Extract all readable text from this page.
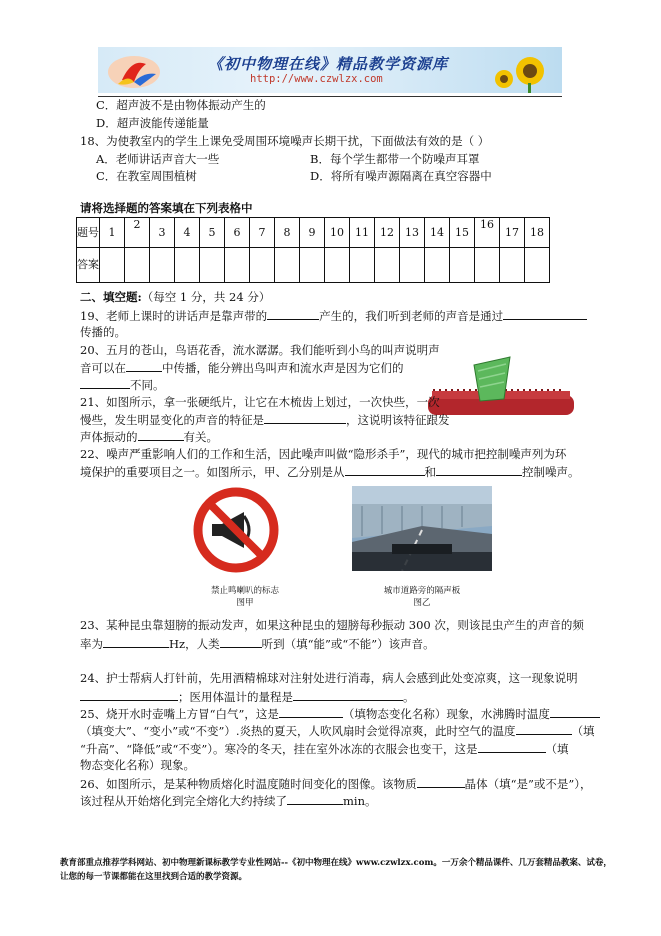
《初中物理在线》精品教学资源库
http://www.czwlzx.com
C．超声波不是由物体振动产生的
D．超声波能传递能量
18、为使教室内的学生上课免受周围环境噪声长期干扰，下面做法有效的是（ ）
A．老师讲话声音大一些	B．每个学生都带一个防噪声耳罩
C．在教室周围植树	D．将所有噪声源隔离在真空容器中
请将选择题的答案填在下列表格中
题号	1	2	3	4	5	6	7	8	9	10	11	12	13	14	15	16	17	18
答案																		
二、填空题:（每空 1 分，共 24 分）
19、老师上课时的讲话声是靠声带的	产生的，我们听到老师的声音是通过
传播的。
20、五月的苍山，鸟语花香，流水潺潺。我们能听到小鸟的叫声说明声
音可以在	中传播，能分辨出鸟叫声和流水声是因为它们的
不同。
21、如图所示，拿一张硬纸片，让它在木梳齿上划过，一次快些，一次
慢些，发生明显变化的声音的特征是	，这说明该特征跟发
声体振动的	有关。
22、噪声严重影响人们的工作和生活，因此噪声叫做“隐形杀手”，现代的城市把控制噪声列为环
境保护的重要项目之一。如图所示，甲、乙分别是从	和	控制噪声。
禁止鸣喇叭的标志
图甲
城市道路旁的隔声板
图乙
23、某种昆虫靠翅膀的振动发声，如果这种昆虫的翅膀每秒振动 300 次，则该昆虫产生的声音的频
率为	Hz，人类	听到（填“能”或“不能”）该声音。
24、护士帮病人打针前，先用酒精棉球对注射处进行消毒，病人会感到此处变凉爽，这一现象说明
；医用体温计的量程是	。
25、烧开水时壶嘴上方冒“白气”，这是	（填物态变化名称）现象，水沸腾时温度
（填变大”、“变小”或“不变”）.炎热的夏天，人吹风扇时会觉得凉爽，此时空气的温度	（填
“升高”、“降低”或“不变”）。寒冷的冬天，挂在室外冰冻的衣服会也变干，这是	（填
物态变化名称）现象。
26、如图所示，是某种物质熔化时温度随时间变化的图像。该物质	晶体（填“是”或不是”），
该过程从开始熔化到完全熔化大约持续了	min。
教育部重点推荐学科网站、初中物理新课标教学专业性网站--《初中物理在线》www.czwlzx.com。一万余个精品课件、几万套精品教案、试卷，让您的每一节课都能在这里找到合适的教学资源。
